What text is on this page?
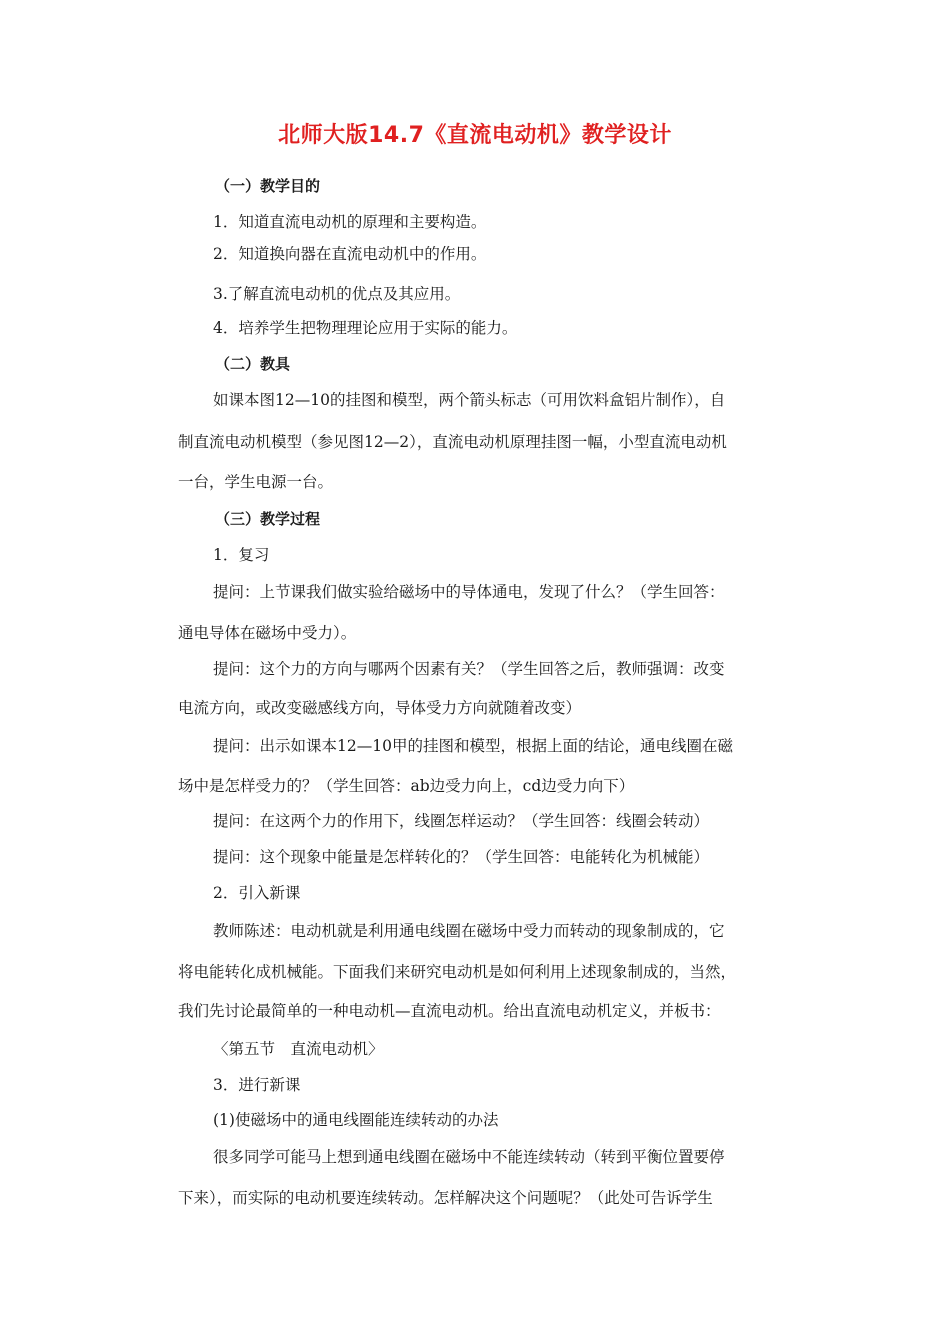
北师大版14.7《直流电动机》教学设计
（一）教学目的
1．知道直流电动机的原理和主要构造。
2．知道换向器在直流电动机中的作用。
3.了解直流电动机的优点及其应用。
4．培养学生把物理理论应用于实际的能力。
（二）教具
如课本图12—10的挂图和模型，两个箭头标志（可用饮料盒铝片制作），自
制直流电动机模型（参见图12—2），直流电动机原理挂图一幅，小型直流电动机
一台，学生电源一台。
（三）教学过程
1．复习
提问：上节课我们做实验给磁场中的导体通电，发现了什么？（学生回答：
通电导体在磁场中受力）。
提问：这个力的方向与哪两个因素有关？（学生回答之后，教师强调：改变
电流方向，或改变磁感线方向，导体受力方向就随着改变）
提问：出示如课本12—10甲的挂图和模型，根据上面的结论，通电线圈在磁
场中是怎样受力的？（学生回答：ab边受力向上，cd边受力向下）
提问：在这两个力的作用下，线圈怎样运动？（学生回答：线圈会转动）
提问：这个现象中能量是怎样转化的？（学生回答：电能转化为机械能）
2．引入新课
教师陈述：电动机就是利用通电线圈在磁场中受力而转动的现象制成的，它
将电能转化成机械能。下面我们来研究电动机是如何利用上述现象制成的，当然，
我们先讨论最简单的一种电动机—直流电动机。给出直流电动机定义，并板书：
〈第五节　直流电动机〉
3．进行新课
(1)使磁场中的通电线圈能连续转动的办法
很多同学可能马上想到通电线圈在磁场中不能连续转动（转到平衡位置要停
下来），而实际的电动机要连续转动。怎样解决这个问题呢？（此处可告诉学生
